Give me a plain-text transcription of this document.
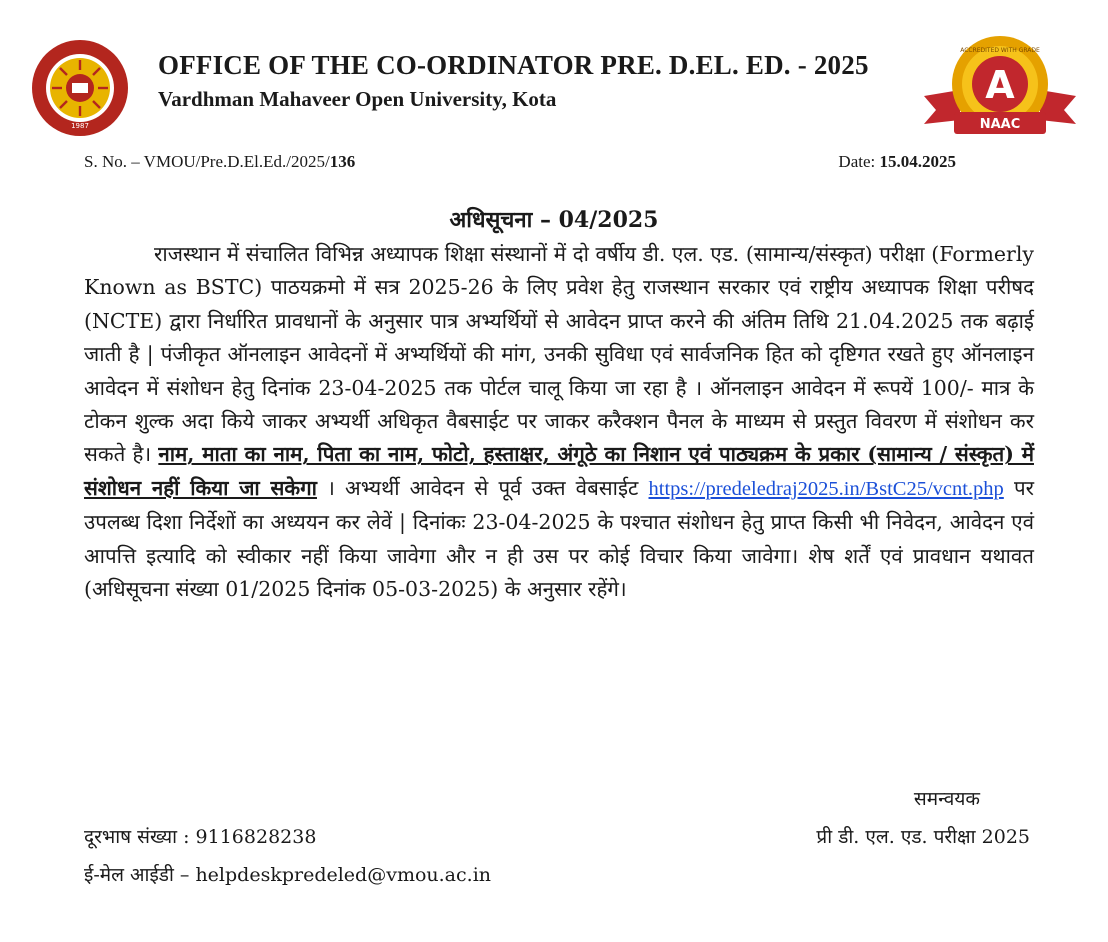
1987
A
NAAC
ACCREDITED WITH GRADE
OFFICE OF THE CO-ORDINATOR PRE. D.EL. ED. - 2025
Vardhman Mahaveer Open University, Kota
S. No. – VMOU/Pre.D.El.Ed./2025/136	Date: 15.04.2025
अधिसूचना – 04/2025

राजस्थान में संचालित विभिन्न अध्यापक शिक्षा संस्थानों में दो वर्षीय डी. एल. एड. (सामान्य/संस्कृत) परीक्षा (Formerly Known as BSTC) पाठयक्रमो में सत्र 2025-26 के लिए प्रवेश हेतु राजस्थान सरकार एवं राष्ट्रीय अध्यापक शिक्षा परीषद (NCTE) द्वारा निर्धारित प्रावधानों के अनुसार पात्र अभ्यर्थियों से आवेदन प्राप्त करने की अंतिम तिथि 21.04.2025 तक बढ़ाई जाती है | पंजीकृत ऑनलाइन आवेदनों में अभ्यर्थियों की मांग, उनकी सुविधा एवं सार्वजनिक हित को दृष्टिगत रखते हुए ऑनलाइन आवेदन में संशोधन हेतु दिनांक 23-04-2025 तक पोर्टल चालू किया जा रहा है । ऑनलाइन आवेदन में रूपयें 100/- मात्र के टोकन शुल्क अदा किये जाकर अभ्यर्थी अधिकृत वैबसाईट पर जाकर करैक्शन पैनल के माध्यम से प्रस्तुत विवरण में संशोधन कर सकते है। नाम, माता का नाम, पिता का नाम, फोटो, हस्ताक्षर, अंगूठे का निशान एवं पाठ्यक्रम के प्रकार (सामान्य / संस्कृत) में संशोधन नहीं किया जा सकेगा । अभ्यर्थी आवेदन से पूर्व उक्त वेबसाईट https://predeledraj2025.in/BstC25/vcnt.php पर उपलब्ध दिशा निर्देशों का अध्ययन कर लेवें | दिनांकः 23-04-2025 के पश्चात संशोधन हेतु प्राप्त किसी भी निवेदन, आवेदन एवं आपत्ति इत्यादि को स्वीकार नहीं किया जावेगा और न ही उस पर कोई विचार किया जावेगा। शेष शर्तें एवं प्रावधान यथावत (अधिसूचना संख्या 01/2025 दिनांक 05-03-2025) के अनुसार रहेंगे।

समन्वयक
प्री डी. एल. एड. परीक्षा 2025
दूरभाष संख्या : 9116828238
ई-मेल आईडी – helpdeskpredeled@vmou.ac.in
